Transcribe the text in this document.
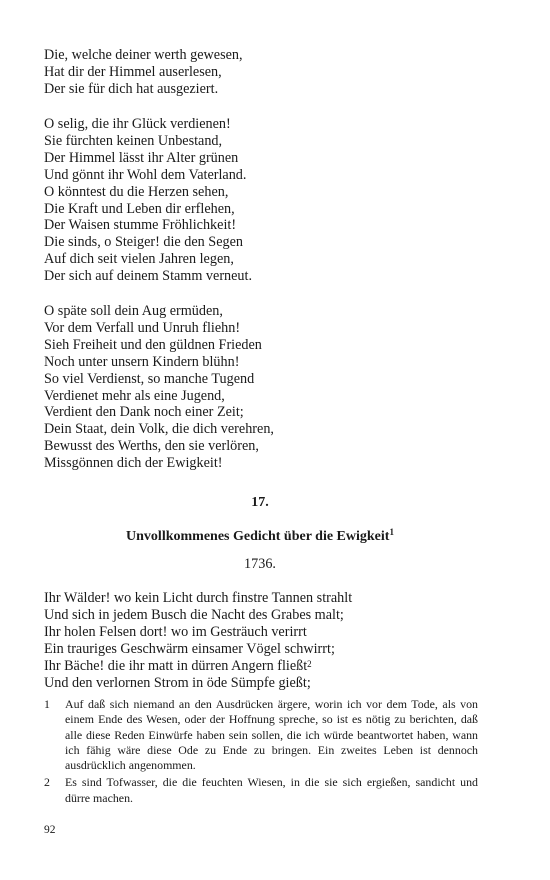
Die, welche deiner werth gewesen,
Hat dir der Himmel auserlesen,
Der sie für dich hat ausgeziert.
O selig, die ihr Glück verdienen!
Sie fürchten keinen Unbestand,
Der Himmel lässt ihr Alter grünen
Und gönnt ihr Wohl dem Vaterland.
O könntest du die Herzen sehen,
Die Kraft und Leben dir erflehen,
Der Waisen stumme Fröhlichkeit!
Die sinds, o Steiger! die den Segen
Auf dich seit vielen Jahren legen,
Der sich auf deinem Stamm verneut.
O späte soll dein Aug ermüden,
Vor dem Verfall und Unruh fliehn!
Sieh Freiheit und den güldnen Frieden
Noch unter unsern Kindern blühn!
So viel Verdienst, so manche Tugend
Verdienet mehr als eine Jugend,
Verdient den Dank noch einer Zeit;
Dein Staat, dein Volk, die dich verehren,
Bewusst des Werths, den sie verlören,
Missgönnen dich der Ewigkeit!
17.
Unvollkommenes Gedicht über die Ewigkeit$^1$
1736.
Ihr Wälder! wo kein Licht durch finstre Tannen strahlt
Und sich in jedem Busch die Nacht des Grabes malt;
Ihr holen Felsen dort! wo im Gesträuch verirrt
Ein trauriges Geschwärm einsamer Vögel schwirrt;
Ihr Bäche! die ihr matt in dürren Angern fließt$^2$
Und den verlornen Strom in öde Sümpfe gießt;
1	Auf daß sich niemand an den Ausdrücken ärgere, worin ich vor dem Tode, als von einem Ende des Wesen, oder der Hoffnung spreche, so ist es nötig zu berichten, daß alle diese Reden Einwürfe haben sein sollen, die ich würde beantwortet haben, wann ich fähig wäre diese Ode zu Ende zu bringen. Ein zweites Leben ist dennoch ausdrücklich angenommen.
2	Es sind Tofwasser, die die feuchten Wiesen, in die sie sich ergießen, sandicht und dürre machen.
92
